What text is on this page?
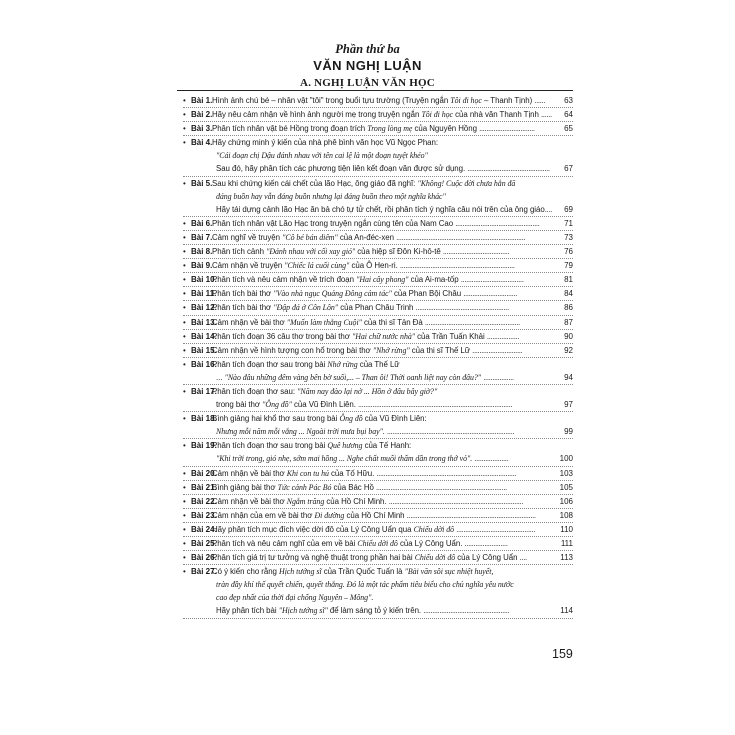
Phần thứ ba
VĂN NGHỊ LUẬN
A. NGHỊ LUẬN VĂN HỌC
• Bài 1. Hình ảnh chú bé – nhân vật "tôi" trong buổi tựu trường (Truyện ngắn Tôi đi học – Thanh Tịnh) ......	63
• Bài 2. Hãy nêu cảm nhận về hình ảnh người mẹ trong truyện ngắn Tôi đi học của nhà văn Thanh Tịnh ......	64
• Bài 3. Phân tích nhân vật bé Hồng trong đoạn trích Trong lòng mẹ của Nguyên Hồng ...............................	65
• Bài 4. Hãy chứng minh ý kiến của nhà phê bình văn học Vũ Ngọc Phan:
"Cái đoạn chị Dậu đánh nhau với tên cai lệ là một đoạn tuyệt khéo"
Sau đó, hãy phân tích các phương tiện liên kết đoạn văn được sử dụng. ..............................................	67
• Bài 5. Sau khi chứng kiến cái chết của lão Hạc, ông giáo đã nghĩ: "Không! Cuộc đời chưa hẳn đã
đáng buồn hay vẫn đáng buồn nhưng lại đáng buồn theo một nghĩa khác"
Hãy tái dựng cảnh lão Hạc ăn bả chó tự tử chết, rồi phân tích ý nghĩa câu nói trên của ông giáo....	69
• Bài 6. Phân tích nhân vật Lão Hạc trong truyện ngắn cùng tên của Nam Cao ...............................................	71
• Bài 7. Cảm nghĩ về truyện "Cô bé bán diêm" của An-đéc-xen ........................................................................	73
• Bài 8. Phân tích cảnh "Đánh nhau với cối xay gió" của hiệp sĩ Đôn Ki-hô-tê .....................................	76
• Bài 9. Cảm nhận về truyện "Chiếc lá cuối cùng" của Ô Hen-ri. ................................................................	79
• Bài 10.
Phân tích và nêu cảm nhận về trích đoạn "Hai cây phong" của Ai-ma-tốp ...................................	81
• Bài 11.
Phân tích bài thơ "Vào nhà ngục Quảng Đông cảm tác" của Phan Bội Châu ..............................	84
• Bài 12.
Phân tích bài thơ "Đập đá ở Côn Lôn" của Phan Châu Trinh ....................................................	86
• Bài 13.
Cảm nhận về bài thơ "Muốn làm thằng Cuội" của thi sĩ Tản Đà .....................................................	87
• Bài 14.
Phân tích đoạn 36 câu thơ trong bài thơ "Hai chữ nước nhà" của Trần Tuấn Khải ..................	90
• Bài 15.
Cảm nhận về hình tượng con hổ trong bài thơ "Nhớ rừng" của thi sĩ Thế Lữ ............................	92
• Bài 16.
Phân tích đoạn thơ sau trong bài Nhớ rừng của Thế Lữ
... "Nào đâu những đêm vàng bên bờ suối,... – Than ôi! Thời oanh liệt nay còn đâu?" .................	94
• Bài 17.
Phân tích đoạn thơ sau: "Năm nay đào lại nở ... Hồn ở đâu bây giờ?"
trong bài thơ "Ông đồ" của Vũ Đình Liên. ......................................................................................	97
• Bài 18.
Bình giảng hai khổ thơ sau trong bài Ông đồ của Vũ Đình Liên:
Nhưng mỗi năm mỗi vắng ... Ngoài trời mưa bụi bay". .......................................................................	99
• Bài 19.
Phân tích đoạn thơ sau trong bài Quê hương của Tế Hanh:
"Khi trời trong, gió nhẹ, sớm mai hồng ... Nghe chất muối thấm dần trong thớ vỏ". ...................	100
• Bài 20.
Cảm nhận về bài thơ Khi con tu hú của Tố Hữu. ..............................................................................	103
• Bài 21.
Bình giảng bài thơ Tức cảnh Pác Bó của Bác Hồ .........................................................................	105
• Bài 22.
Cảm nhận về bài thơ Ngắm trăng của Hồ Chí Minh. ...........................................................................	106
• Bài 23.
Cảm nhận của em về bài thơ Đi đường của Hồ Chí Minh ........................................................................	108
• Bài 24.
Hãy phân tích mục đích việc dời đô của Lý Công Uẩn qua Chiếu dời đô ............................................	110
• Bài 25.
Phân tích và nêu cảm nghĩ của em về bài Chiếu dời đô của Lý Công Uẩn. ........................	111
• Bài 26.
Phân tích giá trị tư tưởng và nghệ thuật trong phần hai bài Chiếu dời đô của Lý Công Uẩn ....	113
• Bài 27.
Có ý kiến cho rằng Hịch tướng sĩ của Trần Quốc Tuấn là "Bài văn sôi sục nhiệt huyết,
tràn đầy khí thế quyết chiến, quyết thắng. Đó là một tác phẩm tiêu biểu cho chủ nghĩa yêu nước
cao đẹp nhất của thời đại chống Nguyên – Mông".
Hãy phân tích bài "Hịch tướng sĩ" để làm sáng tỏ ý kiến trên. ................................................	114
159
